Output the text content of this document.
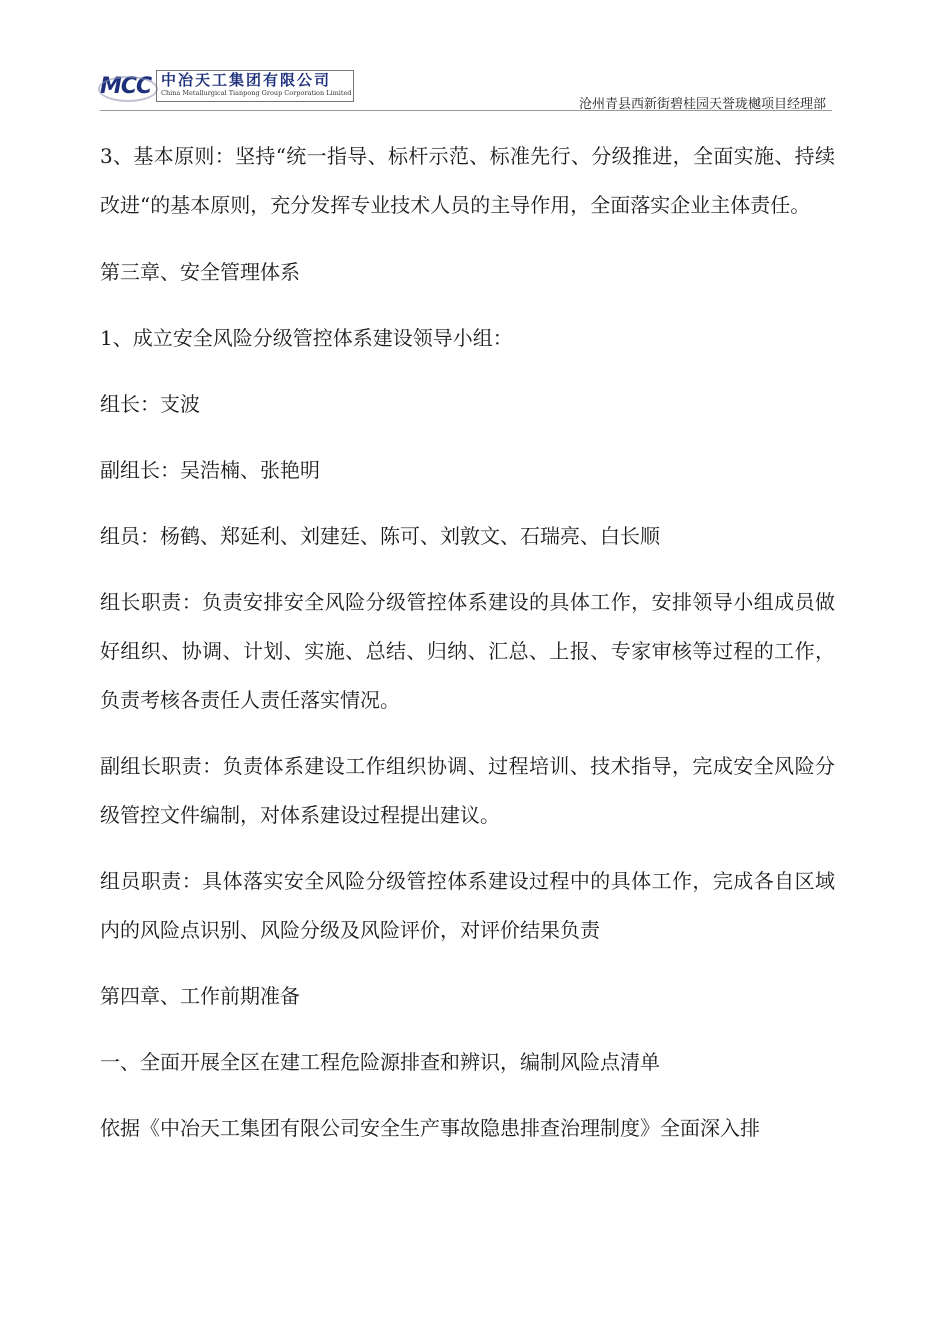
MCC 中冶天工集团有限公司
China Metallurgical Tianpong Group Corporation Limited
沧州青县西新街碧桂园天誉珑樾项目经理部

3、基本原则：坚持“统一指导、标杆示范、标准先行、分级推进，全面实施、持续改进“的基本原则，充分发挥专业技术人员的主导作用，全面落实企业主体责任。

第三章、安全管理体系

1、成立安全风险分级管控体系建设领导小组：

组长：支波

副组长：吴浩楠、张艳明

组员：杨鹤、郑延利、刘建廷、陈可、刘敦文、石瑞亮、白长顺

组长职责：负责安排安全风险分级管控体系建设的具体工作，安排领导小组成员做好组织、协调、计划、实施、总结、归纳、汇总、上报、专家审核等过程的工作，负责考核各责任人责任落实情况。

副组长职责：负责体系建设工作组织协调、过程培训、技术指导，完成安全风险分级管控文件编制，对体系建设过程提出建议。

组员职责：具体落实安全风险分级管控体系建设过程中的具体工作，完成各自区域内的风险点识别、风险分级及风险评价，对评价结果负责

第四章、工作前期准备

一、全面开展全区在建工程危险源排查和辨识，编制风险点清单

依据《中冶天工集团有限公司安全生产事故隐患排查治理制度》全面深入排
